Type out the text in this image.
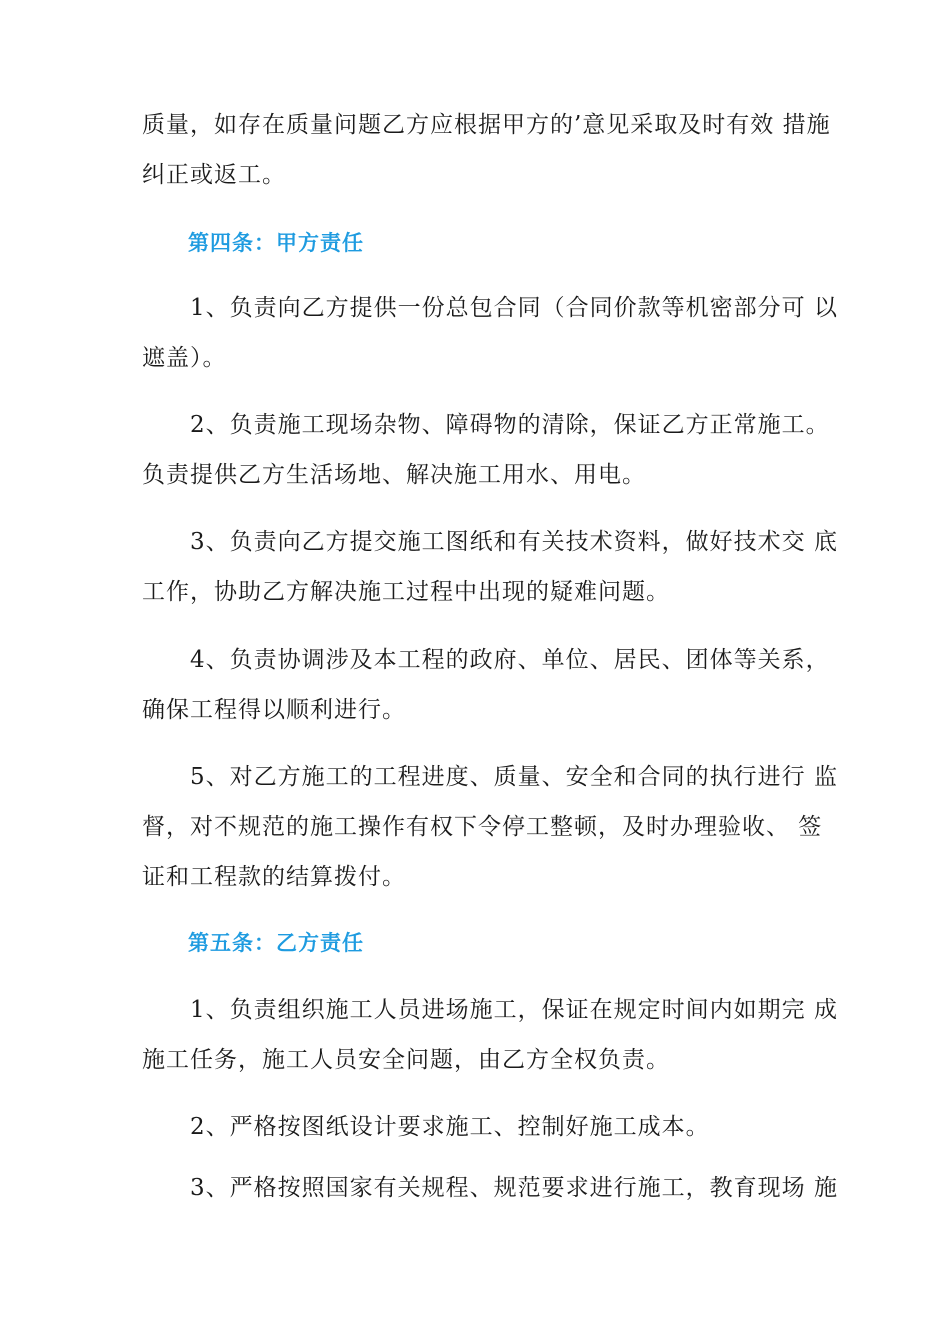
质量，如存在质量问题乙方应根据甲方的’意见采取及时有效 措施
纠正或返工。

第四条：甲方责任

　　1、负责向乙方提供一份总包合同（合同价款等机密部分可 以
遮盖）。

　　2、负责施工现场杂物、障碍物的清除，保证乙方正常施工。
负责提供乙方生活场地、解决施工用水、用电。

　　3、负责向乙方提交施工图纸和有关技术资料，做好技术交 底
工作，协助乙方解决施工过程中出现的疑难问题。

　　4、负责协调涉及本工程的政府、单位、居民、团体等关系，
确保工程得以顺利进行。

　　5、对乙方施工的工程进度、质量、安全和合同的执行进行 监
督，对不规范的施工操作有权下令停工整顿，及时办理验收、 签
证和工程款的结算拨付。

第五条：乙方责任

　　1、负责组织施工人员进场施工，保证在规定时间内如期完 成
施工任务，施工人员安全问题，由乙方全权负责。

　　2、严格按图纸设计要求施工、控制好施工成本。

　　3、严格按照国家有关规程、规范要求进行施工，教育现场 施
